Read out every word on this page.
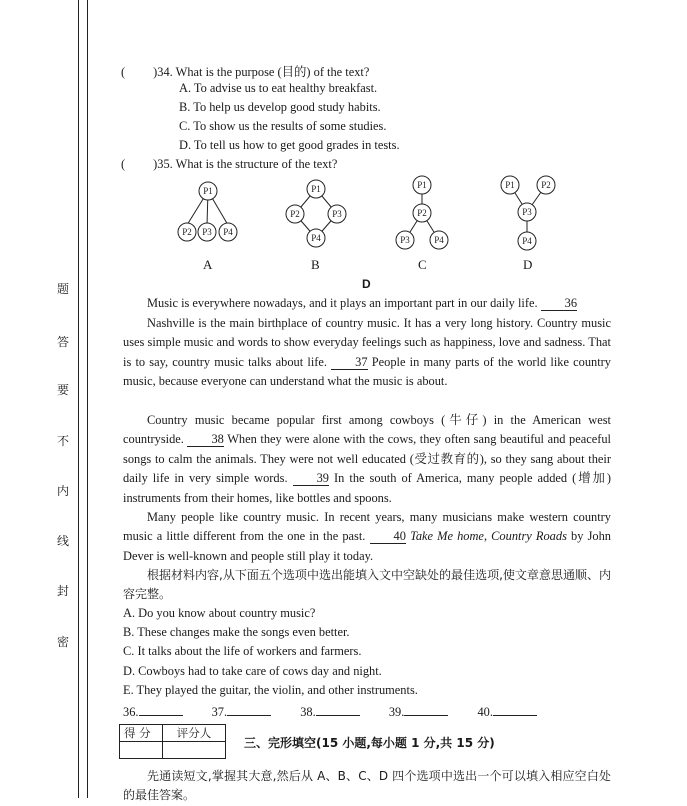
题
答
要
不
内
线
封
密
( )34. What is the purpose (目的) of the text?
A. To advise us to eat healthy breakfast.
B. To help us develop good study habits.
C. To show us the results of some studies.
D. To tell us how to get good grades in tests.
( )35. What is the structure of the text?
P1
P2 P3 P4
P1
P2	P3
P4
P1
P2
P3	P4
P1	P2
P3
P4
A	B	C	D
D
Music is everywhere nowadays, and it plays an important part in our daily life. 36
Nashville is the main birthplace of country music. It has a very long history. Country music uses simple music and words to show everyday feelings such as happiness, love and sadness. That is to say, country music talks about life. 37 People in many parts of the world like country music, because everyone can understand what the music is about.
Country music became popular first among cowboys (牛仔) in the American west countryside. 38 When they were alone with the cows, they often sang beautiful and peaceful songs to calm the animals. They were not well educated (受过教育的), so they sang about their daily life in very simple words. 39 In the south of America, many people added (增加) instruments from their homes, like bottles and spoons.
Many people like country music. In recent years, many musicians make western country music a little different from the one in the past. 40 Take Me home, Country Roads by John Dever is well-known and people still play it today.
根据材料内容,从下面五个选项中选出能填入文中空缺处的最佳选项,使文章意思通顺、内容完整。
A. Do you know about country music?
B. These changes make the songs even better.
C. It talks about the life of workers and farmers.
D. Cowboys had to take care of cows day and night.
E. They played the guitar, the violin, and other instruments.
36.	37.	38.	39.	40.
得 分	评分人

三、完形填空(15 小题,每小题 1 分,共 15 分)
先通读短文,掌握其大意,然后从 A、B、C、D 四个选项中选出一个可以填入相应空白处的最佳答案。
